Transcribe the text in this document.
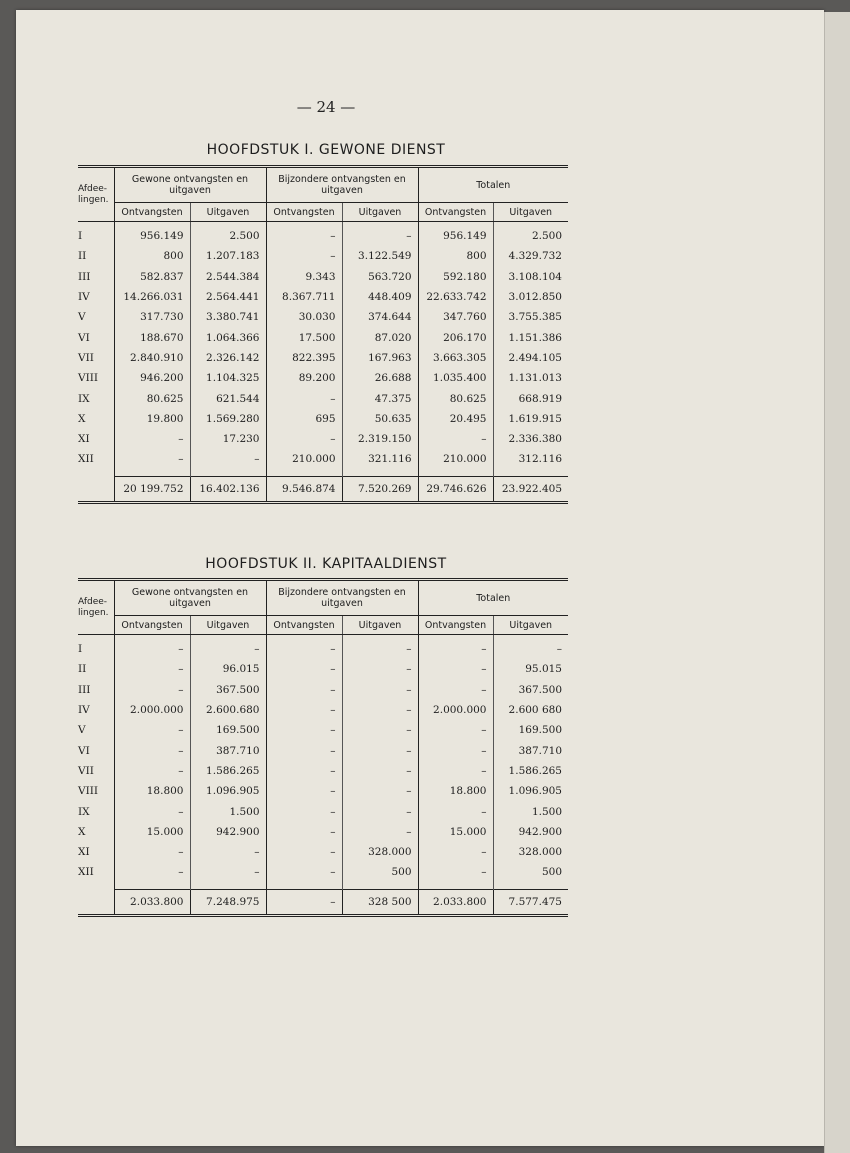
— 24 —
HOOFDSTUK I. GEWONE DIENST
Afdee-lingen.	Gewone ontvangsten en uitgaven		Bijzondere ontvangsten en uitgaven		Totalen	
	Ontvangsten	Uitgaven	Ontvangsten	Uitgaven	Ontvangsten	Uitgaven
I	956.149	2.500	–	–	956.149	2.500
II	800	1.207.183	–	3.122.549	800	4.329.732
III	582.837	2.544.384	9.343	563.720	592.180	3.108.104
IV	14.266.031	2.564.441	8.367.711	448.409	22.633.742	3.012.850
V	317.730	3.380.741	30.030	374.644	347.760	3.755.385
VI	188.670	1.064.366	17.500	87.020	206.170	1.151.386
VII	2.840.910	2.326.142	822.395	167.963	3.663.305	2.494.105
VIII	946.200	1.104.325	89.200	26.688	1.035.400	1.131.013
IX	80.625	621.544	–	47.375	80.625	668.919
X	19.800	1.569.280	695	50.635	20.495	1.619.915
XI	–	17.230	–	2.319.150	–	2.336.380
XII	–	–	210.000	321.116	210.000	312.116

	20 199.752	16.402.136	9.546.874	7.520.269	29.746.626	23.922.405
HOOFDSTUK II. KAPITAALDIENST
Afdee-lingen.	Gewone ontvangsten en uitgaven		Bijzondere ontvangsten en uitgaven		Totalen	
	Ontvangsten	Uitgaven	Ontvangsten	Uitgaven	Ontvangsten	Uitgaven
I	–	–	–	–	–	–
II	–	96.015	–	–	–	95.015
III	–	367.500	–	–	–	367.500
IV	2.000.000	2.600.680	–	–	2.000.000	2.600 680
V	–	169.500	–	–	–	169.500
VI	–	387.710	–	–	–	387.710
VII	–	1.586.265	–	–	–	1.586.265
VIII	18.800	1.096.905	–	–	18.800	1.096.905
IX	–	1.500	–	–	–	1.500
X	15.000	942.900	–	–	15.000	942.900
XI	–	–	–	328.000	–	328.000
XII	–	–	–	500	–	500

	2.033.800	7.248.975	–	328 500	2.033.800	7.577.475
